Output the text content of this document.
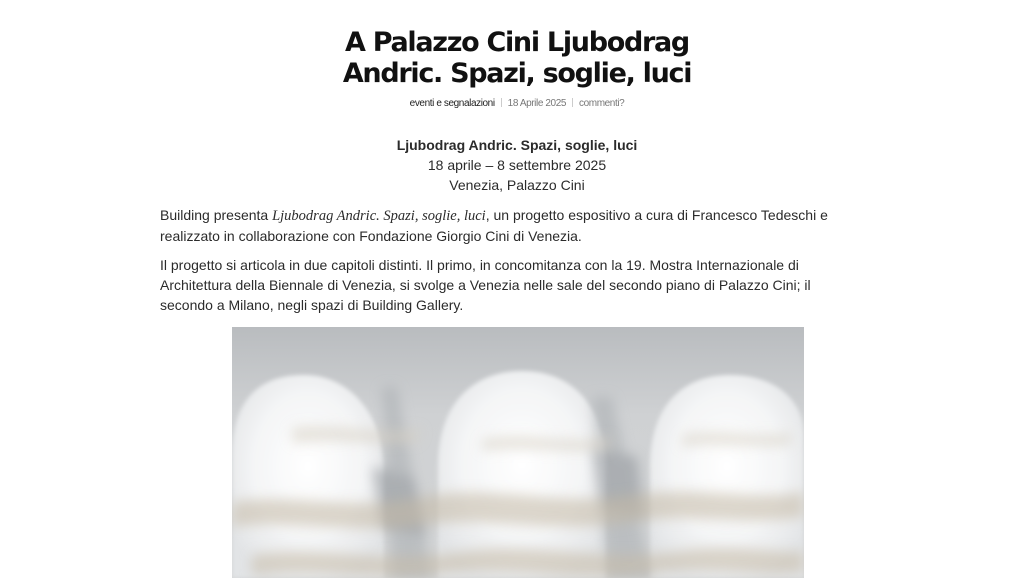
A Palazzo Cini Ljubodrag
Andric. Spazi, soglie, luci
eventi e segnalazioni 18 Aprile 2025 commenti?
Ljubodrag Andric. Spazi, soglie, luci
18 aprile – 8 settembre 2025
Venezia, Palazzo Cini

Building presenta Ljubodrag Andric. Spazi, soglie, luci, un progetto espositivo a cura di Francesco Tedeschi e realizzato in collaborazione con Fondazione Giorgio Cini di Venezia.

Il progetto si articola in due capitoli distinti. Il primo, in concomitanza con la 19. Mostra Internazionale di Architettura della Biennale di Venezia, si svolge a Venezia nelle sale del secondo piano di Palazzo Cini; il secondo a Milano, negli spazi di Building Gallery.
